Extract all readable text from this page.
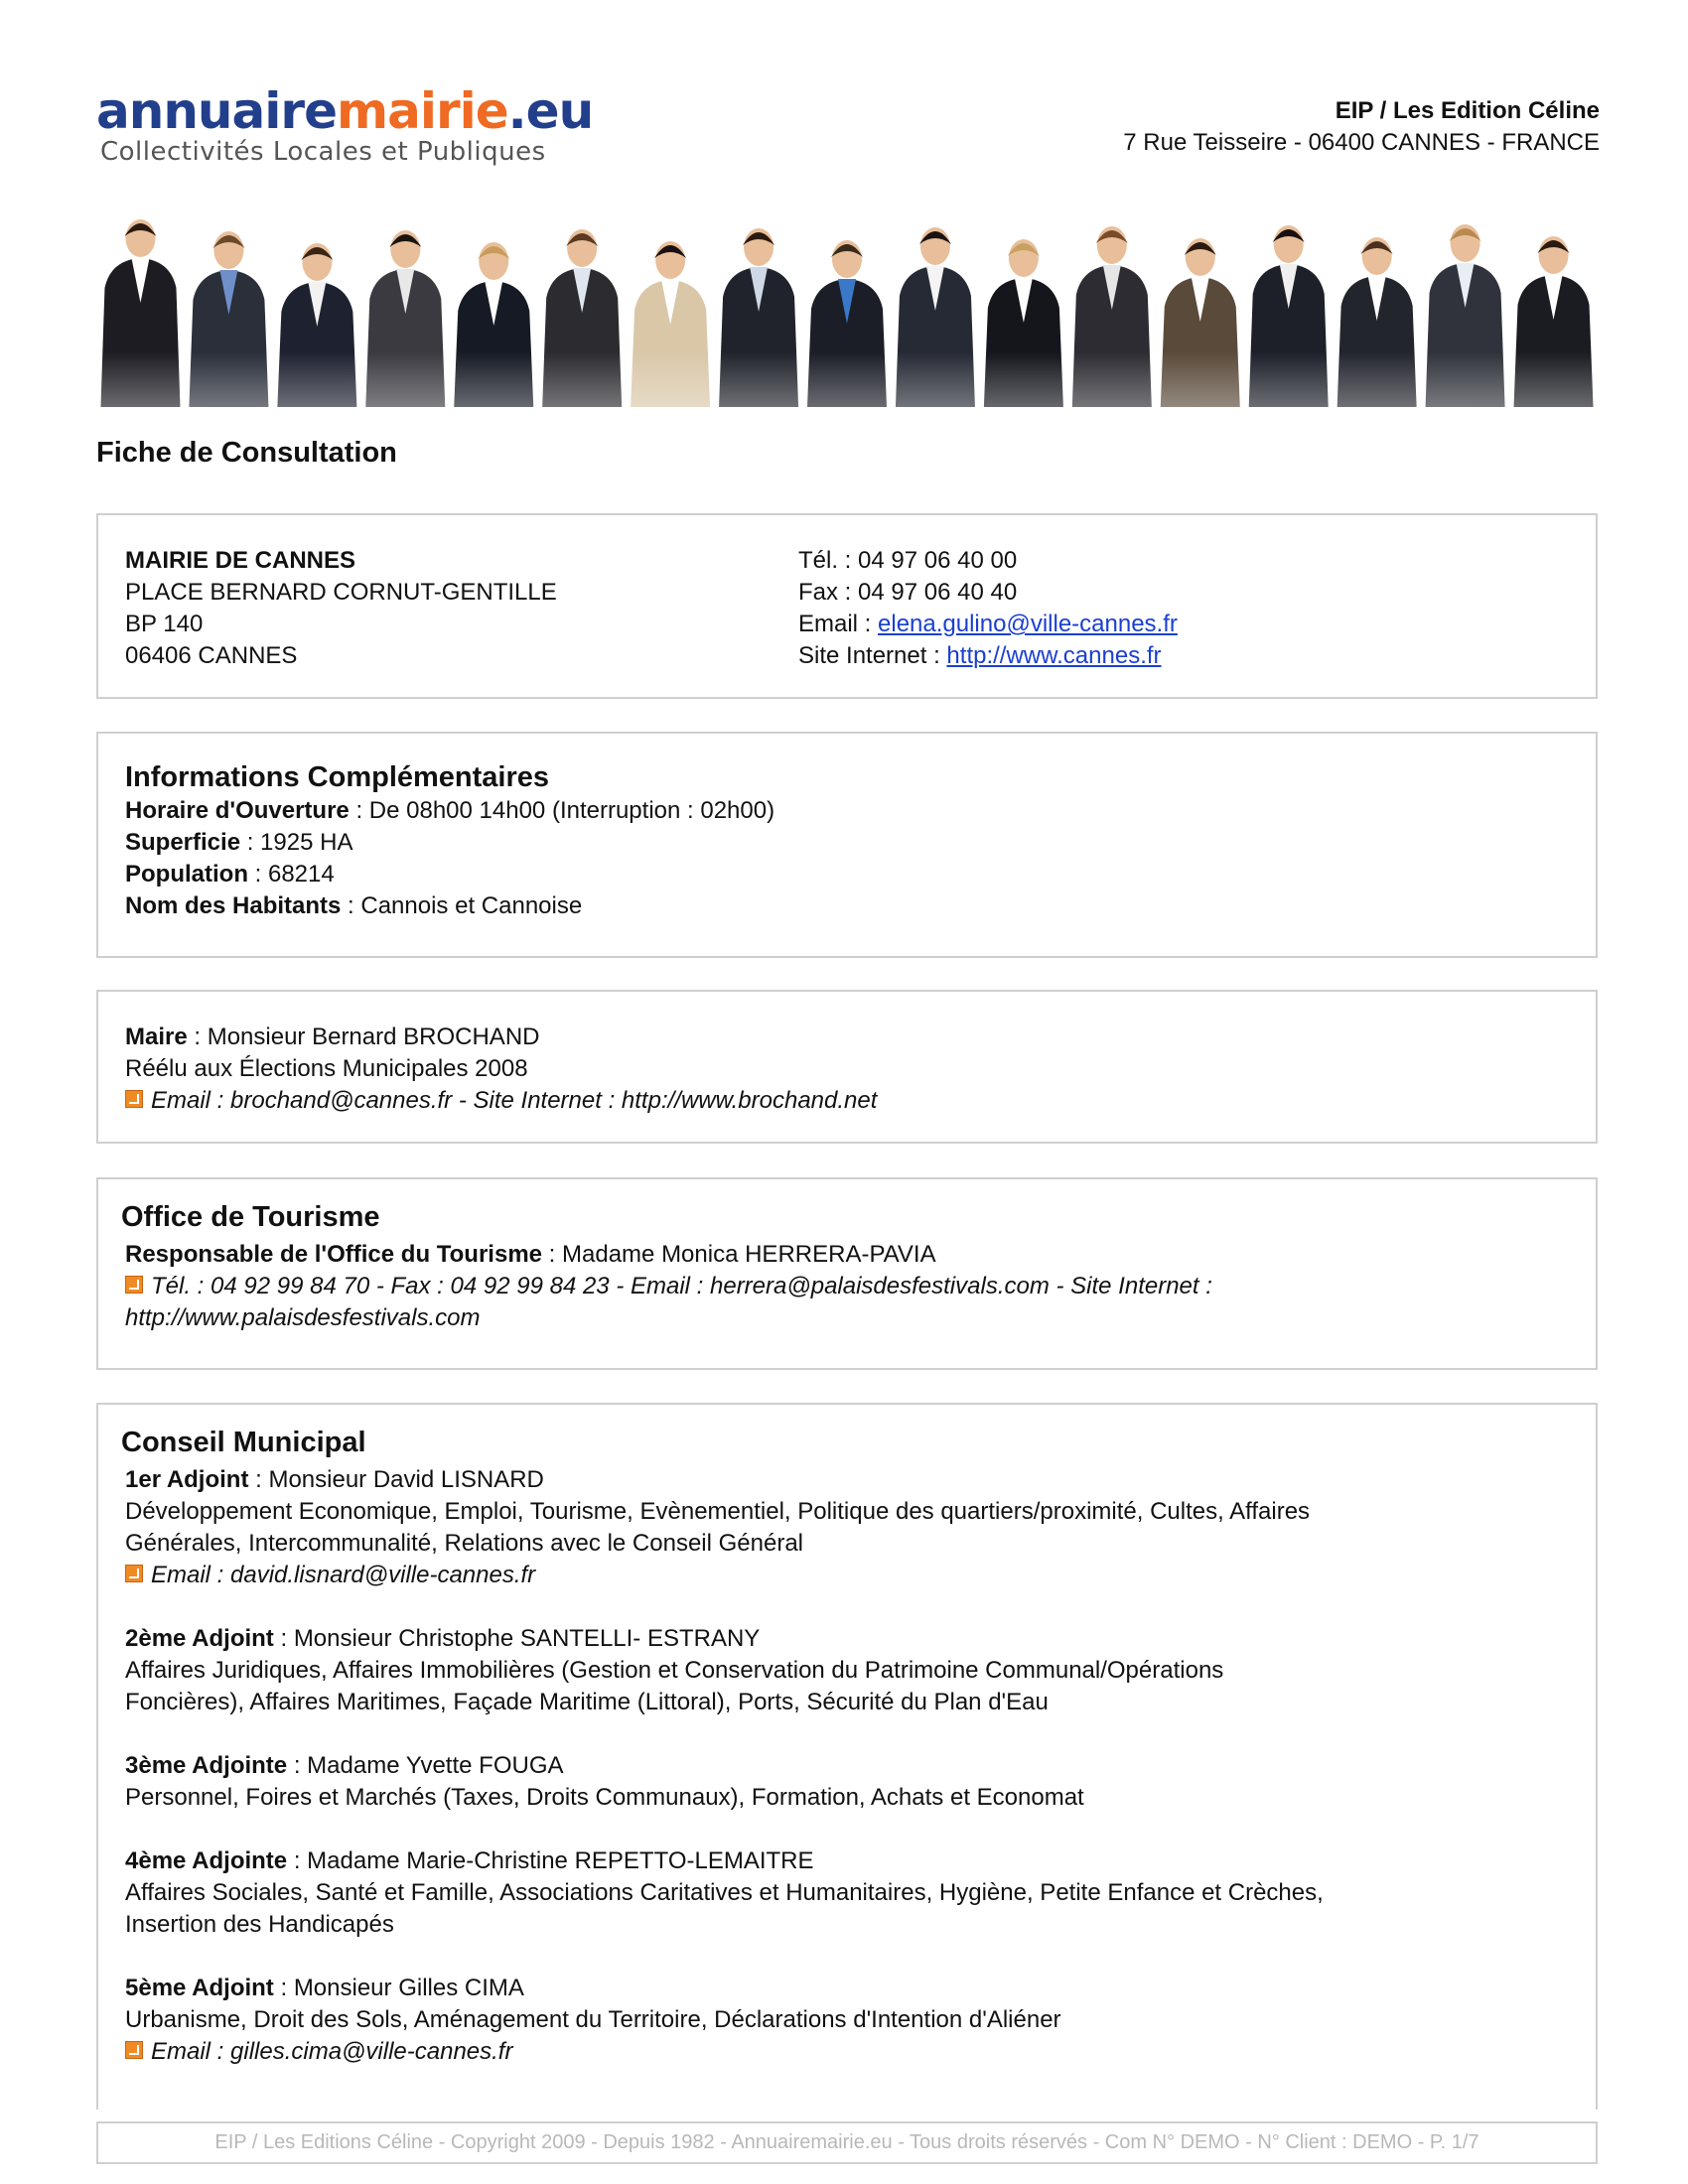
annuairemairie.eu
Collectivités Locales et Publiques
EIP / Les Edition Céline
7 Rue Teisseire - 06400 CANNES - FRANCE
Fiche de Consultation
MAIRIE DE CANNES
PLACE BERNARD CORNUT-GENTILLE
BP 140
06406 CANNES
Tél. : 04 97 06 40 00
Fax : 04 97 06 40 40
Email : elena.gulino@ville-cannes.fr
Site Internet : http://www.cannes.fr
Informations Complémentaires
Horaire d'Ouverture : De 08h00 14h00 (Interruption : 02h00)
Superficie : 1925 HA
Population : 68214
Nom des Habitants : Cannois et Cannoise
Maire : Monsieur Bernard BROCHAND
Réélu aux Élections Municipales 2008
Email : brochand@cannes.fr - Site Internet : http://www.brochand.net
Office de Tourisme
Responsable de l'Office du Tourisme : Madame Monica HERRERA-PAVIA
Tél. : 04 92 99 84 70 - Fax : 04 92 99 84 23 - Email : herrera@palaisdesfestivals.com - Site Internet :
http://www.palaisdesfestivals.com
Conseil Municipal
1er Adjoint : Monsieur David LISNARD
Développement Economique, Emploi, Tourisme, Evènementiel, Politique des quartiers/proximité, Cultes, Affaires
Générales, Intercommunalité, Relations avec le Conseil Général
Email : david.lisnard@ville-cannes.fr
2ème Adjoint : Monsieur Christophe SANTELLI- ESTRANY
Affaires Juridiques, Affaires Immobilières (Gestion et Conservation du Patrimoine Communal/Opérations
Foncières), Affaires Maritimes, Façade Maritime (Littoral), Ports, Sécurité du Plan d'Eau
3ème Adjointe : Madame Yvette FOUGA
Personnel, Foires et Marchés (Taxes, Droits Communaux), Formation, Achats et Economat
4ème Adjointe : Madame Marie-Christine REPETTO-LEMAITRE
Affaires Sociales, Santé et Famille, Associations Caritatives et Humanitaires, Hygiène, Petite Enfance et Crèches,
Insertion des Handicapés
5ème Adjoint : Monsieur Gilles CIMA
Urbanisme, Droit des Sols, Aménagement du Territoire, Déclarations d'Intention d'Aliéner
Email : gilles.cima@ville-cannes.fr
EIP / Les Editions Céline - Copyright 2009 - Depuis 1982 - Annuairemairie.eu - Tous droits réservés - Com N° DEMO - N° Client : DEMO - P. 1/7
